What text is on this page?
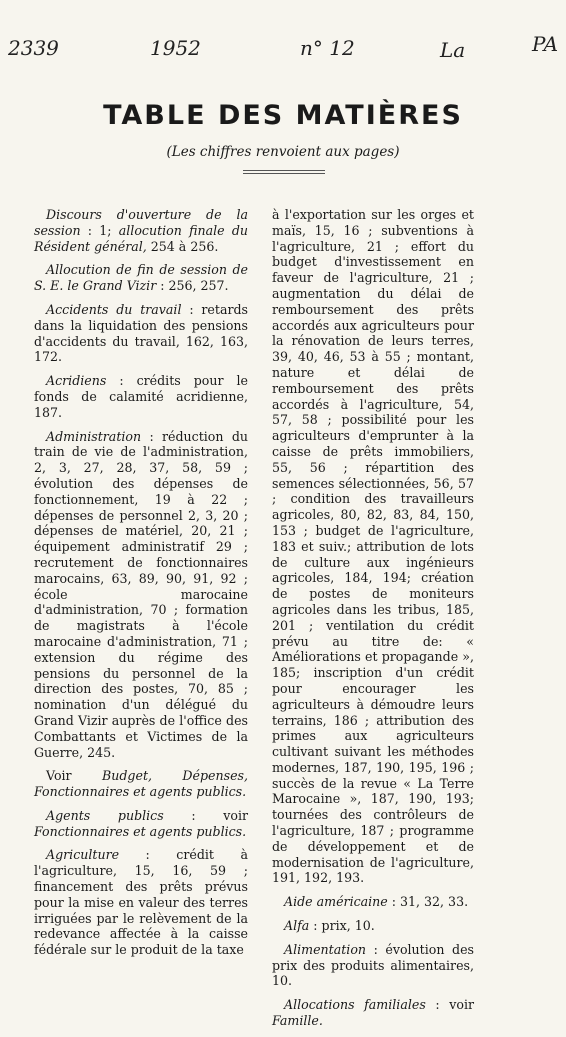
2339	1952	n° 12	La	PA
TABLE DES MATIÈRES
(Les chiffres renvoient aux pages)

Discours d'ouverture de la session : 1; allocution finale du Résident général, 254 à 256.

Allocution de fin de session de S. E. le Grand Vizir : 256, 257.

Accidents du travail : retards dans la liquidation des pensions d'accidents du travail, 162, 163, 172.

Acridiens : crédits pour le fonds de calamité acridienne, 187.

Administration : réduction du train de vie de l'administration, 2, 3, 27, 28, 37, 58, 59 ; évolution des dépenses de fonctionnement, 19 à 22 ; dépenses de personnel 2, 3, 20 ; dépenses de matériel, 20, 21 ; équipement administratif 29 ; recrutement de fonctionnaires marocains, 63, 89, 90, 91, 92 ; école marocaine d'administration, 70 ; formation de magistrats à l'école marocaine d'administration, 71 ; extension du régime des pensions du personnel de la direction des postes, 70, 85 ; nomination d'un délégué du Grand Vizir auprès de l'office des Combattants et Victimes de la Guerre, 245.

Voir Budget, Dépenses, Fonctionnaires et agents publics.

Agents publics : voir Fonctionnaires et agents publics.

Agriculture : crédit à l'agriculture, 15, 16, 59 ; financement des prêts prévus pour la mise en valeur des terres irriguées par le relèvement de la redevance affectée à la caisse fédérale sur le produit de la taxe

à l'exportation sur les orges et maïs, 15, 16 ; subventions à l'agriculture, 21 ; effort du budget d'investissement en faveur de l'agriculture, 21 ; augmentation du délai de remboursement des prêts accordés aux agriculteurs pour la rénovation de leurs terres, 39, 40, 46, 53 à 55 ; montant, nature et délai de remboursement des prêts accordés à l'agriculture, 54, 57, 58 ; possibilité pour les agriculteurs d'emprunter à la caisse de prêts immobiliers, 55, 56 ; répartition des semences sélectionnées, 56, 57 ; condition des travailleurs agricoles, 80, 82, 83, 84, 150, 153 ; budget de l'agriculture, 183 et suiv.; attribution de lots de culture aux ingénieurs agricoles, 184, 194; création de postes de moniteurs agricoles dans les tribus, 185, 201 ; ventilation du crédit prévu au titre de: « Améliorations et propagande », 185; inscription d'un crédit pour encourager les agriculteurs à démoudre leurs terrains, 186 ; attribution des primes aux agriculteurs cultivant suivant les méthodes modernes, 187, 190, 195, 196 ; succès de la revue « La Terre Marocaine », 187, 190, 193; tournées des contrôleurs de l'agriculture, 187 ; programme de développement et de modernisation de l'agriculture, 191, 192, 193.

Aide américaine : 31, 32, 33.

Alfa : prix, 10.

Alimentation : évolution des prix des produits alimentaires, 10.

Allocations familiales : voir Famille.
